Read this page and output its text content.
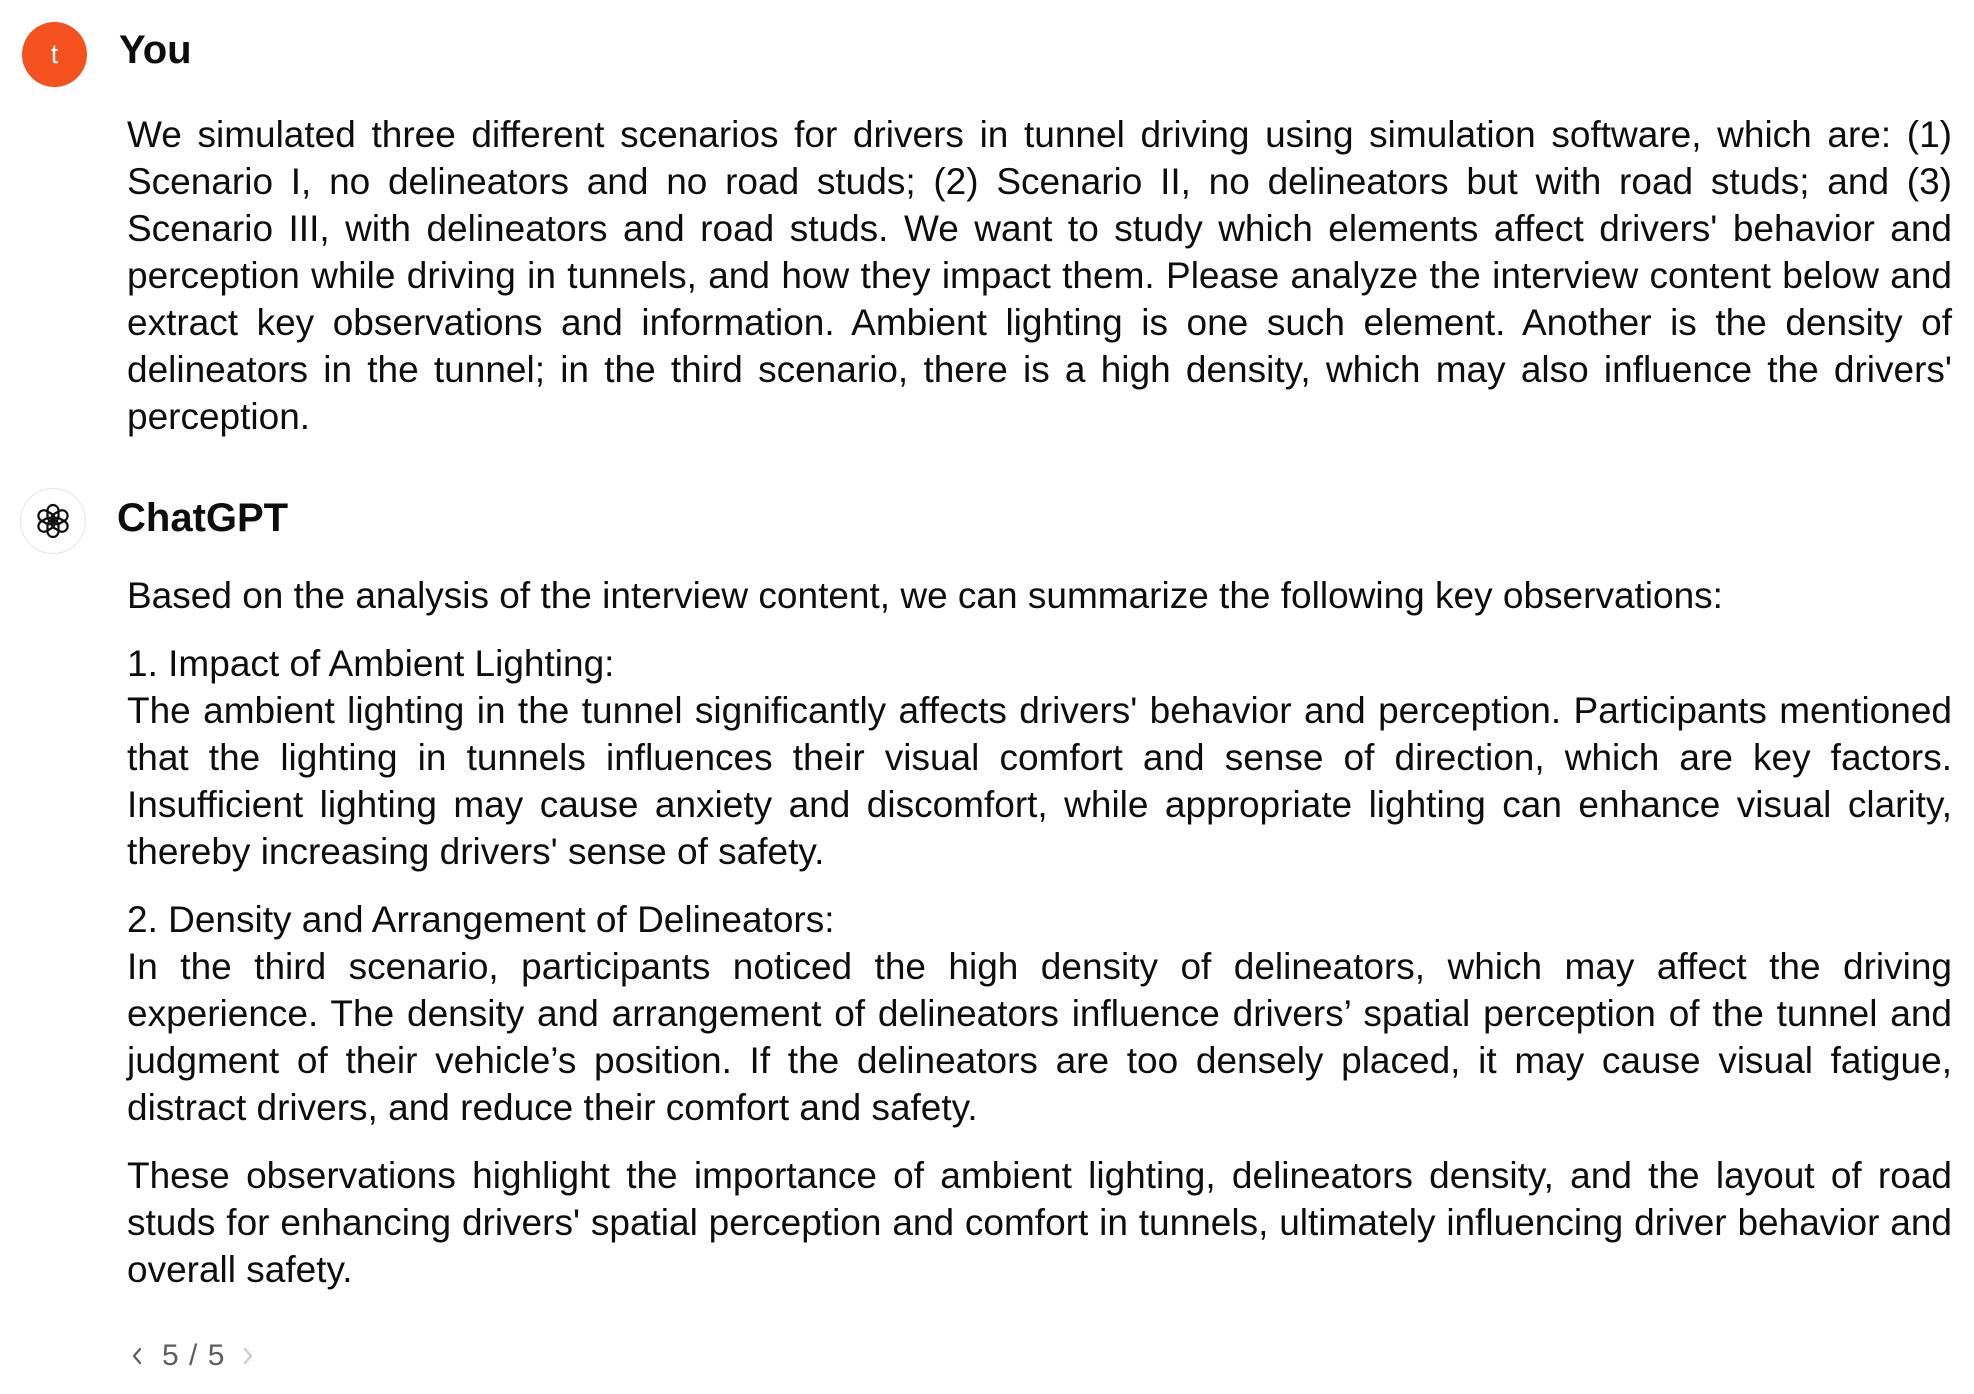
t You

We simulated three different scenarios for drivers in tunnel driving using simulation software, which are: (1) Scenario I, no delineators and no road studs; (2) Scenario II, no delineators but with road studs; and (3) Scenario III, with delineators and road studs. We want to study which elements affect drivers' behavior and perception while driving in tunnels, and how they impact them. Please analyze the interview content below and extract key observations and information. Ambient lighting is one such element. Another is the density of delineators in the tunnel; in the third scenario, there is a high density, which may also influence the drivers' perception.

ChatGPT

Based on the analysis of the interview content, we can summarize the following key observations:

1. Impact of Ambient Lighting:

The ambient lighting in the tunnel significantly affects drivers' behavior and perception. Participants mentioned that the lighting in tunnels influences their visual comfort and sense of direction, which are key factors. Insufficient lighting may cause anxiety and discomfort, while appropriate lighting can enhance visual clarity, thereby increasing drivers' sense of safety.

2. Density and Arrangement of Delineators:

In the third scenario, participants noticed the high density of delineators, which may affect the driving experience. The density and arrangement of delineators influence drivers’ spatial perception of the tunnel and judgment of their vehicle’s position. If the delineators are too densely placed, it may cause visual fatigue, distract drivers, and reduce their comfort and safety.

These observations highlight the importance of ambient lighting, delineators density, and the layout of road studs for enhancing drivers' spatial perception and comfort in tunnels, ultimately influencing driver behavior and overall safety.

5 / 5
